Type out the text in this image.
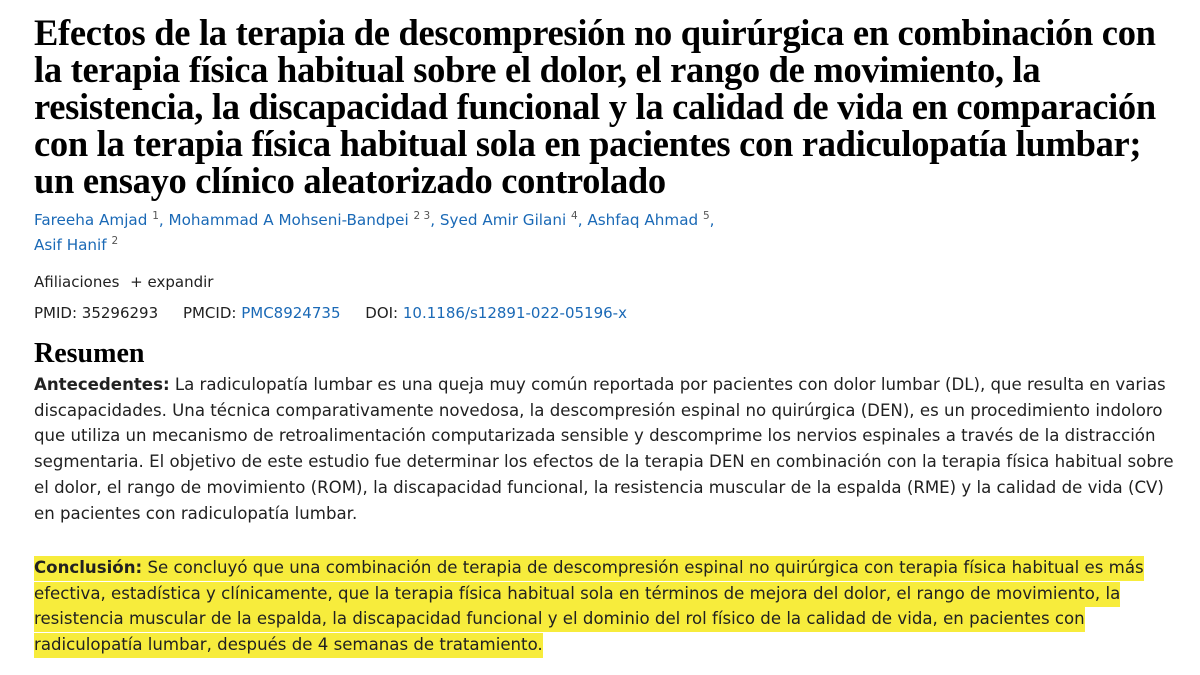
Efectos de la terapia de descompresión no quirúrgica en combinación con la terapia física habitual sobre el dolor, el rango de movimiento, la resistencia, la discapacidad funcional y la calidad de vida en comparación con la terapia física habitual sola en pacientes con radiculopatía lumbar; un ensayo clínico aleatorizado controlado
Fareeha Amjad $^1$, Mohammad A Mohseni-Bandpei $^{2 3}$, Syed Amir Gilani $^4$, Ashfaq Ahmad $^5$,
Asif Hanif $^2$
Afiliaciones + expandir
PMID: 35296293 PMCID: PMC8924735 DOI: 10.1186/s12891-022-05196-x
Resumen

Antecedentes: La radiculopatía lumbar es una queja muy común reportada por pacientes con dolor lumbar (DL), que resulta en varias discapacidades. Una técnica comparativamente novedosa, la descompresión espinal no quirúrgica (DEN), es un procedimiento indoloro que utiliza un mecanismo de retroalimentación computarizada sensible y descomprime los nervios espinales a través de la distracción segmentaria. El objetivo de este estudio fue determinar los efectos de la terapia DEN en combinación con la terapia física habitual sobre el dolor, el rango de movimiento (ROM), la discapacidad funcional, la resistencia muscular de la espalda (RME) y la calidad de vida (CV) en pacientes con radiculopatía lumbar.

Conclusión: Se concluyó que una combinación de terapia de descompresión espinal no quirúrgica con terapia física habitual es más efectiva, estadística y clínicamente, que la terapia física habitual sola en términos de mejora del dolor, el rango de movimiento, la resistencia muscular de la espalda, la discapacidad funcional y el dominio del rol físico de la calidad de vida, en pacientes con radiculopatía lumbar, después de 4 semanas de tratamiento.
